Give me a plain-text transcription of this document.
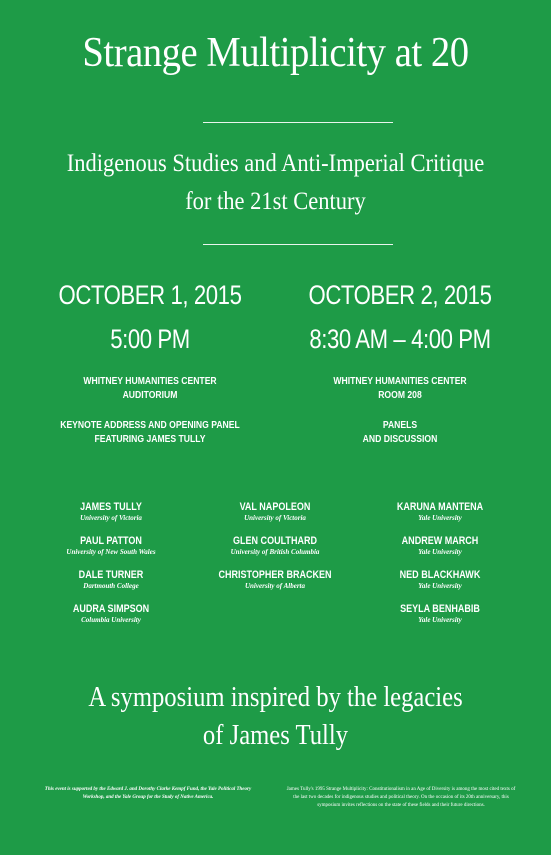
Strange Multiplicity at 20
Indigenous Studies and Anti-Imperial Critique
for the 21st Century
OCTOBER 1, 2015
5:00 PM
WHITNEY HUMANITIES CENTER
AUDITORIUM
KEYNOTE ADDRESS AND OPENING PANEL
FEATURING JAMES TULLY
OCTOBER 2, 2015
8:30 AM – 4:00 PM
WHITNEY HUMANITIES CENTER
ROOM 208
PANELS
AND DISCUSSION
JAMES TULLY
University of Victoria
PAUL PATTON
University of New South Wales
DALE TURNER
Dartmouth College
AUDRA SIMPSON
Columbia University
VAL NAPOLEON
University of Victoria
GLEN COULTHARD
University of British Columbia
CHRISTOPHER BRACKEN
University of Alberta
KARUNA MANTENA
Yale University
ANDREW MARCH
Yale University
NED BLACKHAWK
Yale University
SEYLA BENHABIB
Yale University
A symposium inspired by the legacies
of James Tully
This event is supported by the Edward J. and Dorothy Clarke Kempf Fund, the Yale Political Theory Workshop, and the Yale Group for the Study of Native America.
James Tully's 1995 Strange Multiplicity: Constitutionalism in an Age of Diversity is among the most cited texts of the last two decades for indigenous studies and political theory. On the occasion of its 20th anniversary, this symposium invites reflections on the state of these fields and their future directions.
